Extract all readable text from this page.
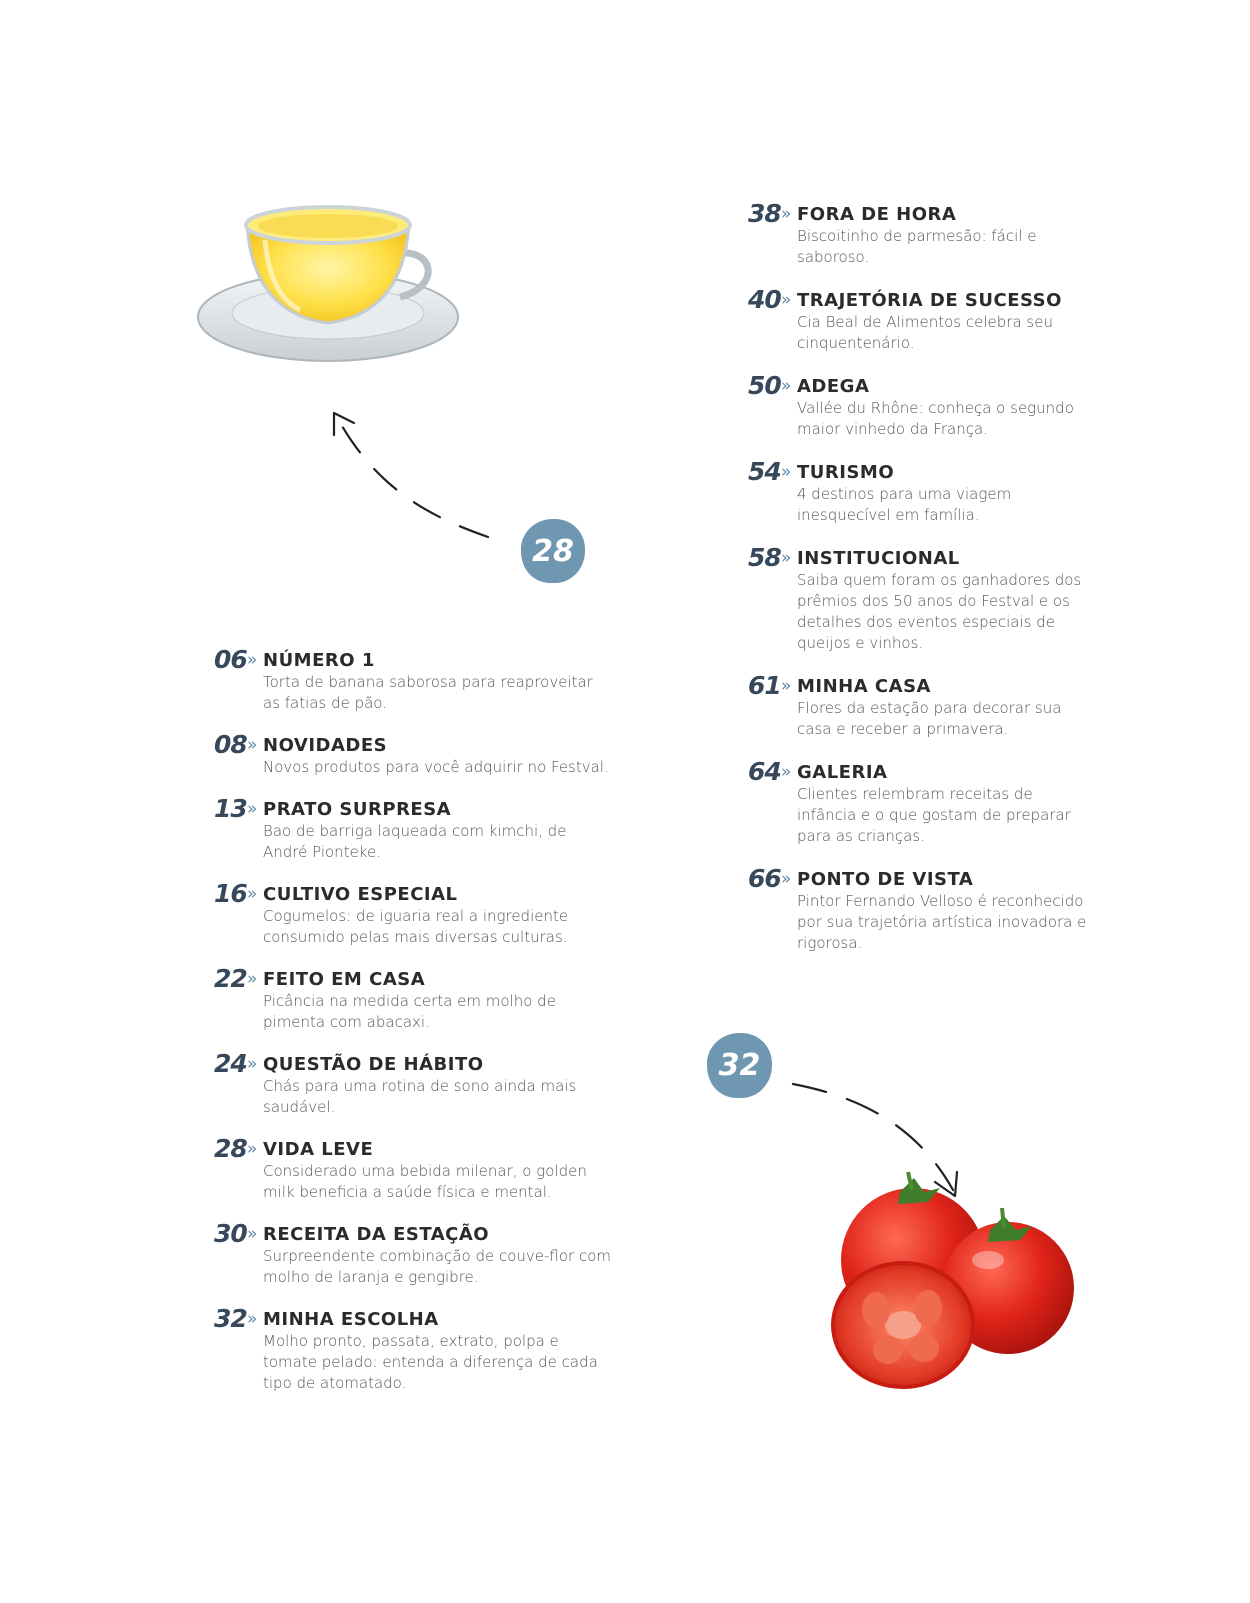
28
32
06 » NÚMERO 1
Torta de banana saborosa para reaproveitar as fatias de pão.
08 » NOVIDADES
Novos produtos para você adquirir no Festval.
13 » PRATO SURPRESA
Bao de barriga laqueada com kimchi, de André Pionteke.
16 » CULTIVO ESPECIAL
Cogumelos: de iguaria real a ingrediente consumido pelas mais diversas culturas.
22 » FEITO EM CASA
Picância na medida certa em molho de pimenta com abacaxi.
24 » QUESTÃO DE HÁBITO
Chás para uma rotina de sono ainda mais saudável.
28 » VIDA LEVE
Considerado uma bebida milenar, o golden milk beneficia a saúde física e mental.
30 » RECEITA DA ESTAÇÃO
Surpreendente combinação de couve-flor com molho de laranja e gengibre.
32 » MINHA ESCOLHA
Molho pronto, passata, extrato, polpa e tomate pelado: entenda a diferença de cada tipo de atomatado.
38 » FORA DE HORA
Biscoitinho de parmesão: fácil e saboroso.
40 » TRAJETÓRIA DE SUCESSO
Cia Beal de Alimentos celebra seu cinquentenário.
50 » ADEGA
Vallée du Rhône: conheça o segundo maior vinhedo da França.
54 » TURISMO
4 destinos para uma viagem inesquecível em família.
58 » INSTITUCIONAL
Saiba quem foram os ganhadores dos prêmios dos 50 anos do Festval e os detalhes dos eventos especiais de queijos e vinhos.
61 » MINHA CASA
Flores da estação para decorar sua casa e receber a primavera.
64 » GALERIA
Clientes relembram receitas de infância e o que gostam de preparar para as crianças.
66 » PONTO DE VISTA
Pintor Fernando Velloso é reconhecido por sua trajetória artística inovadora e rigorosa.
